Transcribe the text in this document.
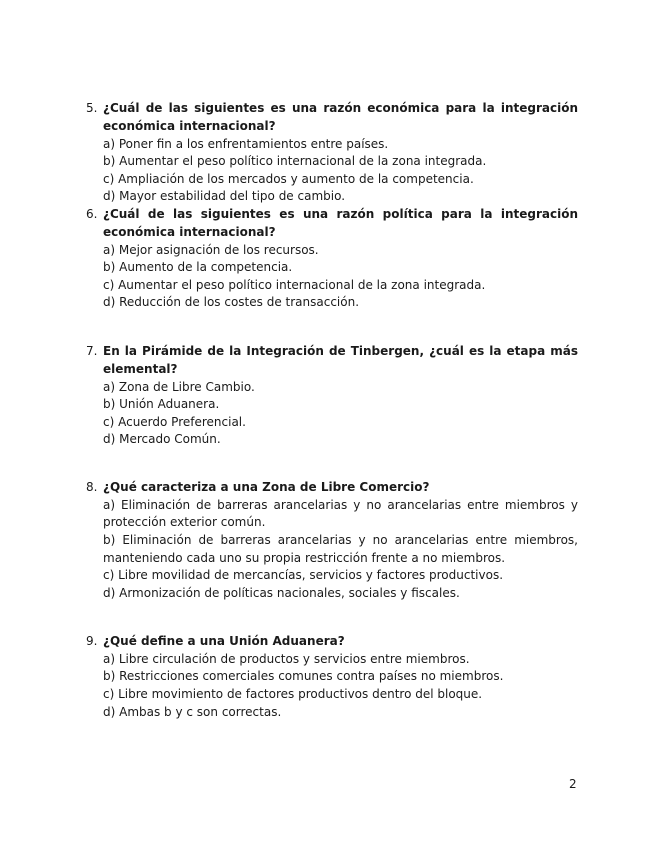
5. ¿Cuál de las siguientes es una razón económica para la integración económica internacional?

a) Poner fin a los enfrentamientos entre países.

b) Aumentar el peso político internacional de la zona integrada.

c) Ampliación de los mercados y aumento de la competencia.

d) Mayor estabilidad del tipo de cambio.

6. ¿Cuál de las siguientes es una razón política para la integración económica internacional?

a) Mejor asignación de los recursos.

b) Aumento de la competencia.

c) Aumentar el peso político internacional de la zona integrada.

d) Reducción de los costes de transacción.

7. En la Pirámide de la Integración de Tinbergen, ¿cuál es la etapa más elemental?

a) Zona de Libre Cambio.

b) Unión Aduanera.

c) Acuerdo Preferencial.

d) Mercado Común.

8. ¿Qué caracteriza a una Zona de Libre Comercio?

a) Eliminación de barreras arancelarias y no arancelarias entre miembros y protección exterior común.

b) Eliminación de barreras arancelarias y no arancelarias entre miembros, manteniendo cada uno su propia restricción frente a no miembros.

c) Libre movilidad de mercancías, servicios y factores productivos.

d) Armonización de políticas nacionales, sociales y fiscales.

9. ¿Qué define a una Unión Aduanera?

a) Libre circulación de productos y servicios entre miembros.

b) Restricciones comerciales comunes contra países no miembros.

c) Libre movimiento de factores productivos dentro del bloque.

d) Ambas b y c son correctas.

2
